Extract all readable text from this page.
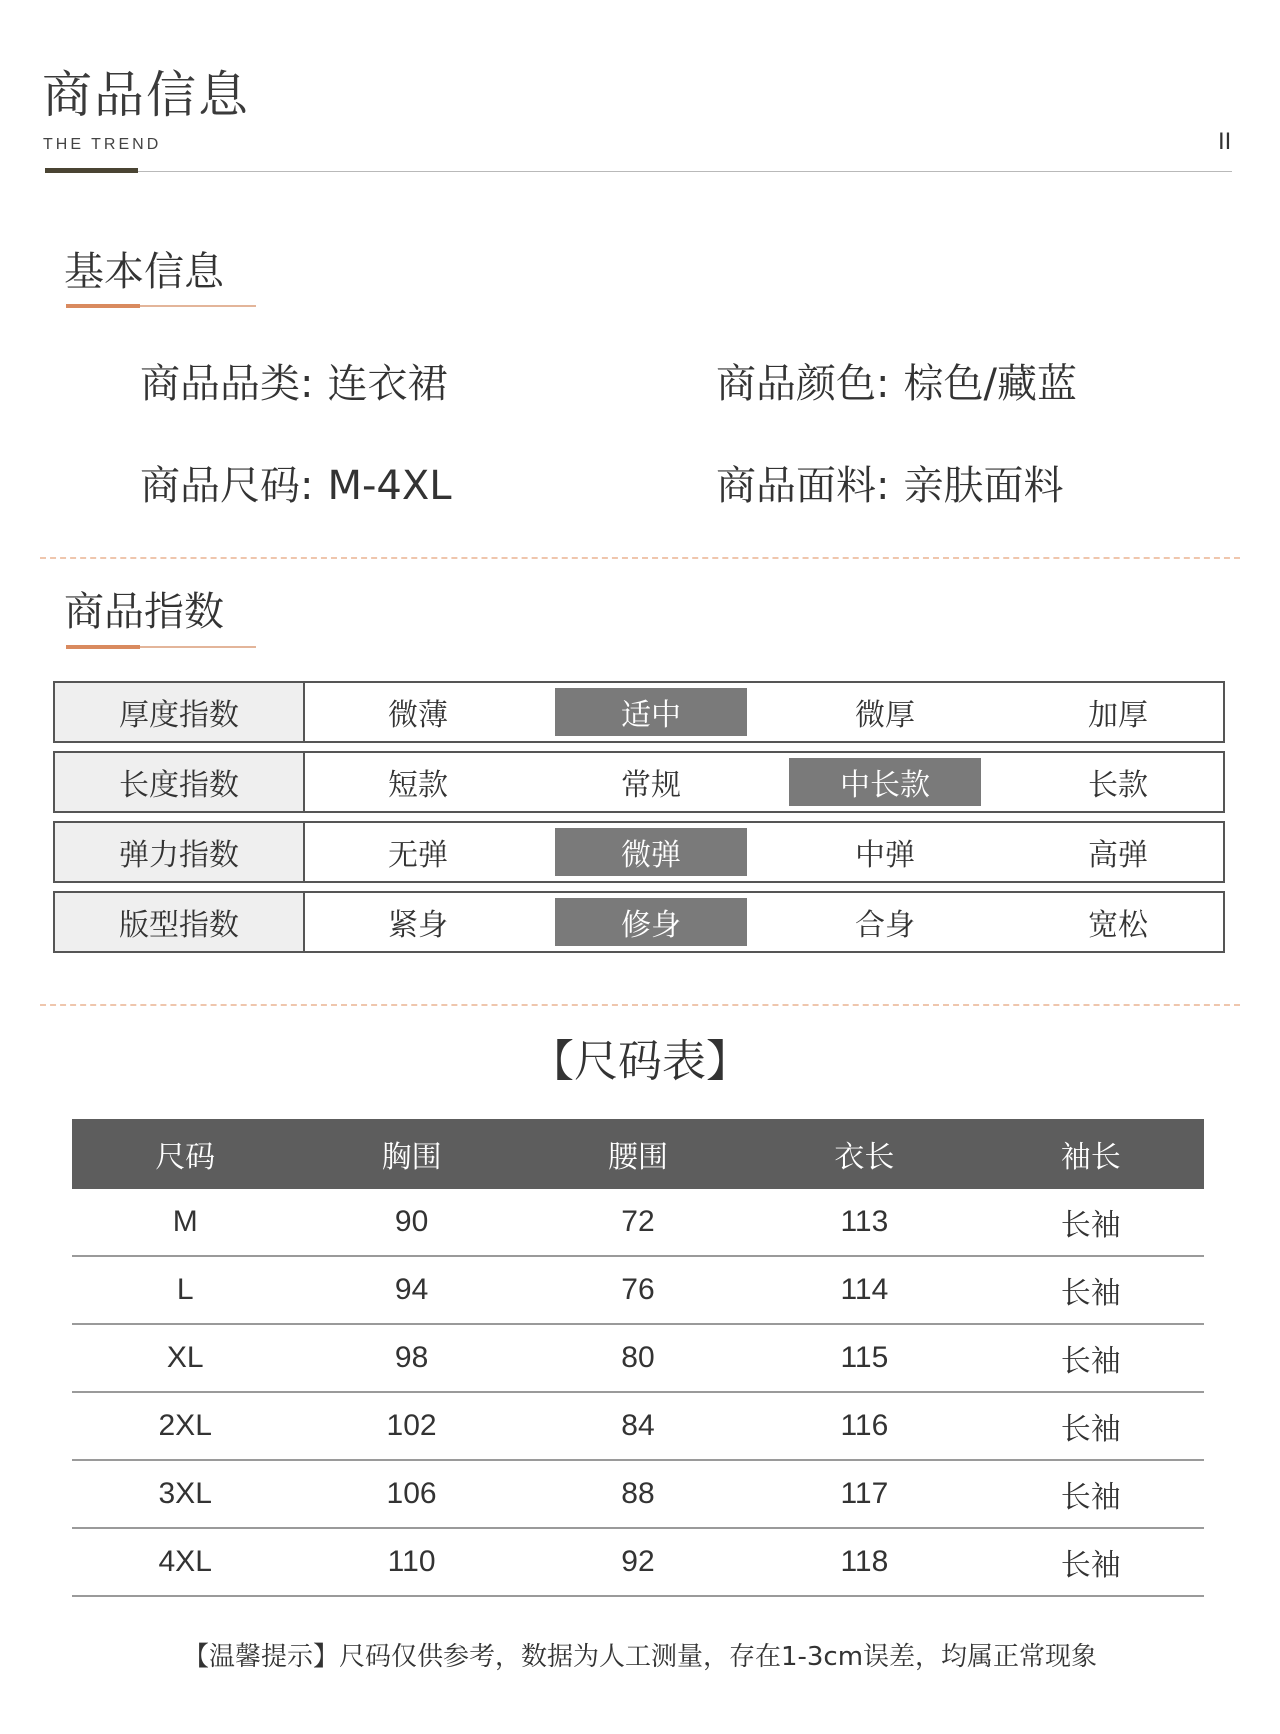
商品信息
THE TREND	II
基本信息
商品品类: 连衣裙	商品颜色: 棕色/藏蓝
商品尺码: M-4XL	商品面料: 亲肤面料
商品指数
厚度指数	微薄	适中	微厚	加厚
长度指数	短款	常规	中长款	长款
弹力指数	无弹	微弹	中弹	高弹
版型指数	紧身	修身	合身	宽松
【尺码表】
尺码	胸围	腰围	衣长	袖长
M	90	72	113	长袖
L	94	76	114	长袖
XL	98	80	115	长袖
2XL	102	84	116	长袖
3XL	106	88	117	长袖
4XL	110	92	118	长袖
【温馨提示】尺码仅供参考，数据为人工测量，存在1-3cm误差，均属正常现象
